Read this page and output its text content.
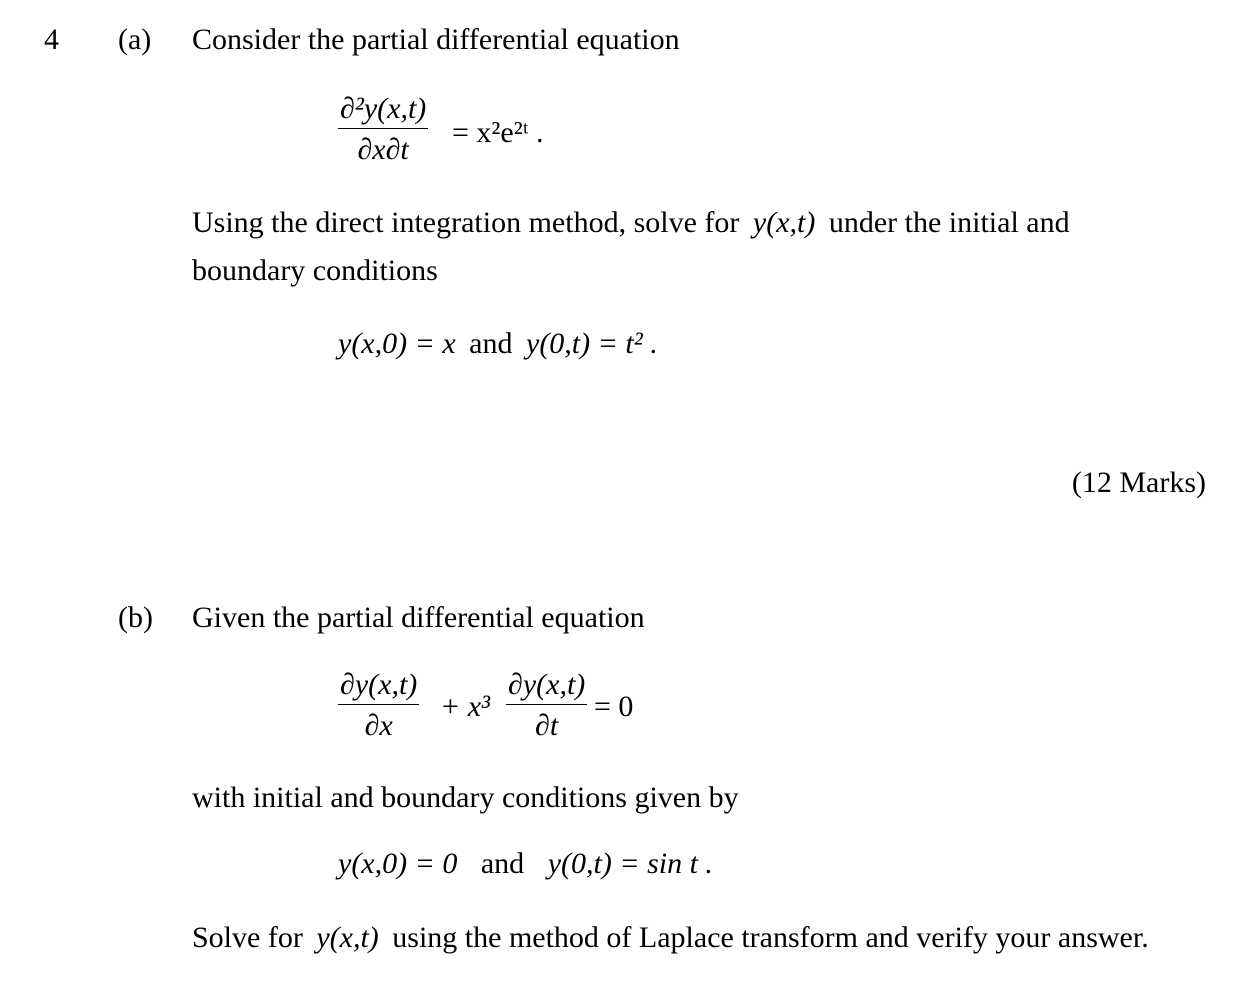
4 (a) Consider the partial differential equation
∂²y(x,t)
∂x∂t
= x²e²ᵗ .
Using the direct integration method, solve for y(x,t) under the initial and
boundary conditions
y(x,0) = x and y(0,t) = t² .
(12 Marks)
(b) Given the partial differential equation
∂y(x,t)
∂x
+ x³
∂y(x,t)
∂t
= 0
with initial and boundary conditions given by
y(x,0) = 0 and y(0,t) = sin t .
Solve for y(x,t) using the method of Laplace transform and verify your answer.
